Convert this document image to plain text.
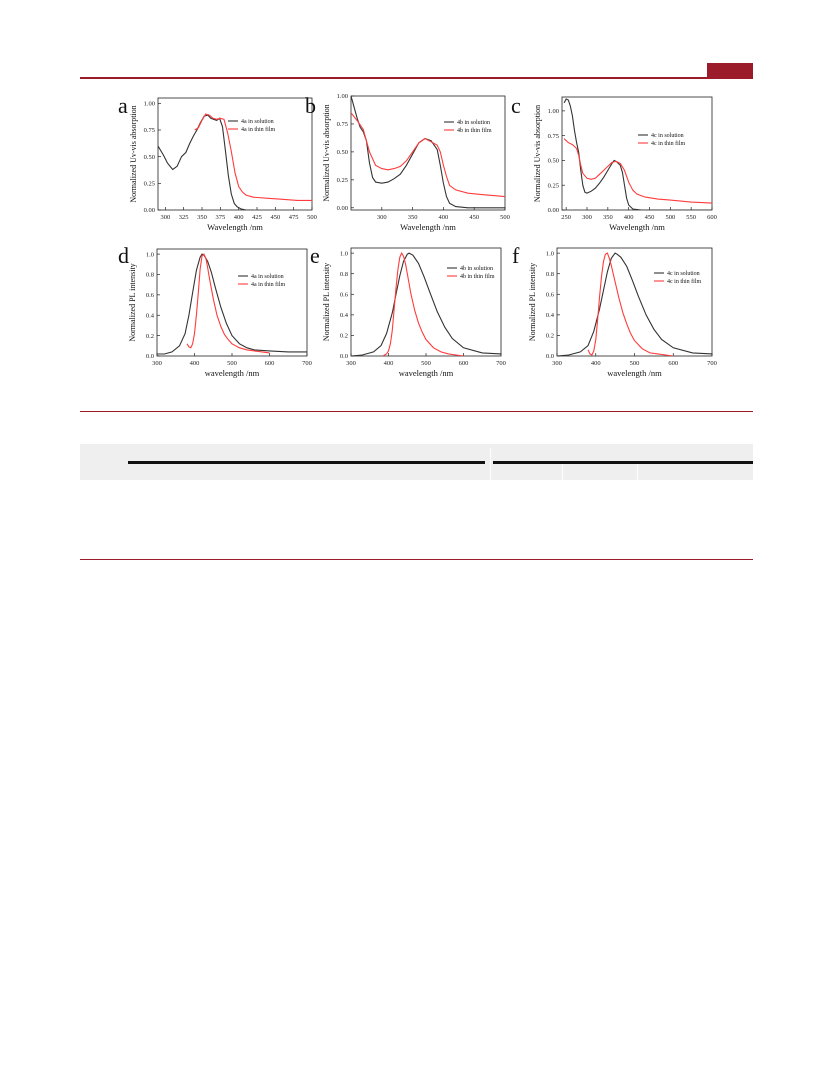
a
300 325 350 375 400 425 450 475 500
0.00
0.25
0.50
0.75
1.00
Wavelength /nm
Normalized Uv-vis absorption	4a in solution
4a in thin film
b
300	350	400	450	500
0.00
0.25
0.50
0.75
1.00
Wavelength /nm
Normalized Uv-vis absorption	4b in solution
4b in thin film
c
250 300 350 400 450 500 550 600
0.00
0.25
0.50
0.75
1.00
Wavelength /nm
Normalized Uv-vis absorption	4c in solution
4c in thin film
d
300	400	500	600	700
0.0
0.2
0.4
0.6
0.8
1.0
wavelength /nm
Normalized PL intensity	4a in solution
4a in thin film
e
300	400	500	600	700
0.0
0.2
0.4
0.6
0.8
1.0
wavelength /nm
Normalized PL intensity	4b in solution
4b in thin film
f
300	400	500	600	700
0.0
0.2
0.4
0.6
0.8
1.0
wavelength /nm
Normalized PL intensity	4c in solution
4c in thin film
